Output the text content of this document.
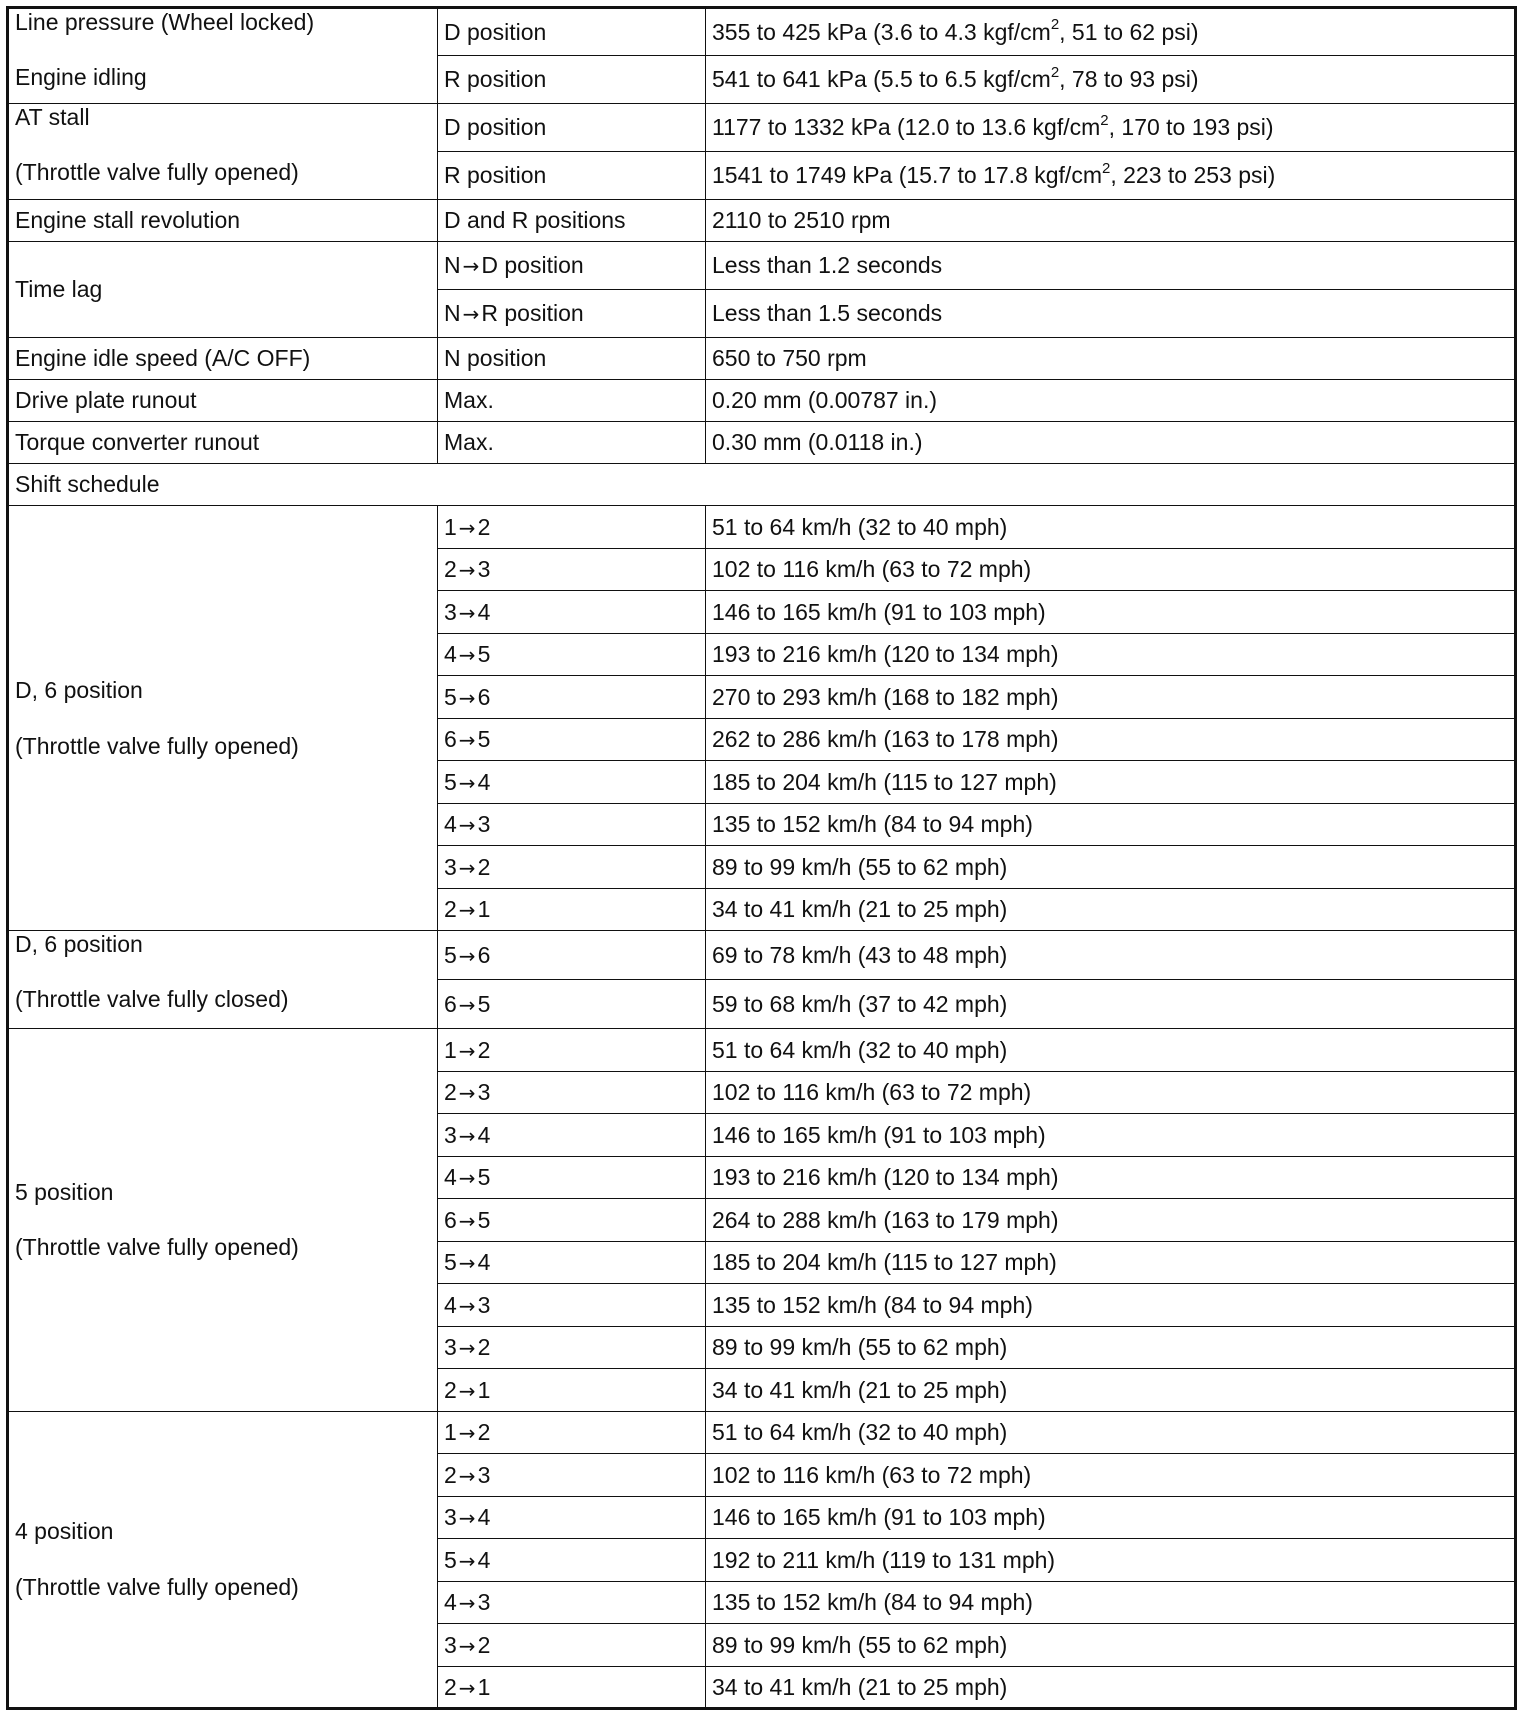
Line pressure (Wheel locked)
Engine idling	D position	355 to 425 kPa (3.6 to 4.3 kgf/$cm^2$, 51 to 62 psi)
	R position	541 to 641 kPa (5.5 to 6.5 kgf/$cm^2$, 78 to 93 psi)

AT stall
(Throttle valve fully opened)	D position	1177 to 1332 kPa (12.0 to 13.6 kgf/$cm^2$, 170 to 193 psi)
	R position	1541 to 1749 kPa (15.7 to 17.8 kgf/$cm^2$, 223 to 253 psi)
Engine stall revolution	D and R positions	2110 to 2510 rpm
Time lag	N →D position	Less than 1.2 seconds
	N →R position	Less than 1.5 seconds
Engine idle speed (A/C OFF)	N position	650 to 750 rpm
Drive plate runout	Max.	0.20 mm (0.00787 in.)
Torque converter runout	Max.	0.30 mm (0.0118 in.)
Shift schedule		

D, 6 position
(Throttle valve fully opened)	1 →2	51 to 64 km/h (32 to 40 mph)
	2 →3	102 to 116 km/h (63 to 72 mph)
	3 →4	146 to 165 km/h (91 to 103 mph)
	4 →5	193 to 216 km/h (120 to 134 mph)
	5 →6	270 to 293 km/h (168 to 182 mph)
	6 →5	262 to 286 km/h (163 to 178 mph)
	5 →4	185 to 204 km/h (115 to 127 mph)
	4 →3	135 to 152 km/h (84 to 94 mph)
	3 →2	89 to 99 km/h (55 to 62 mph)
	2 →1	34 to 41 km/h (21 to 25 mph)

D, 6 position
(Throttle valve fully closed)	5 →6	69 to 78 km/h (43 to 48 mph)
	6 →5	59 to 68 km/h (37 to 42 mph)

5 position
(Throttle valve fully opened)	1 →2	51 to 64 km/h (32 to 40 mph)
	2 →3	102 to 116 km/h (63 to 72 mph)
	3 →4	146 to 165 km/h (91 to 103 mph)
	4 →5	193 to 216 km/h (120 to 134 mph)
	6 →5	264 to 288 km/h (163 to 179 mph)
	5 →4	185 to 204 km/h (115 to 127 mph)
	4 →3	135 to 152 km/h (84 to 94 mph)
	3 →2	89 to 99 km/h (55 to 62 mph)
	2 →1	34 to 41 km/h (21 to 25 mph)

4 position
(Throttle valve fully opened)	1 →2	51 to 64 km/h (32 to 40 mph)
	2 →3	102 to 116 km/h (63 to 72 mph)
	3 →4	146 to 165 km/h (91 to 103 mph)
	5 →4	192 to 211 km/h (119 to 131 mph)
	4 →3	135 to 152 km/h (84 to 94 mph)
	3 →2	89 to 99 km/h (55 to 62 mph)
	2 →1	34 to 41 km/h (21 to 25 mph)
